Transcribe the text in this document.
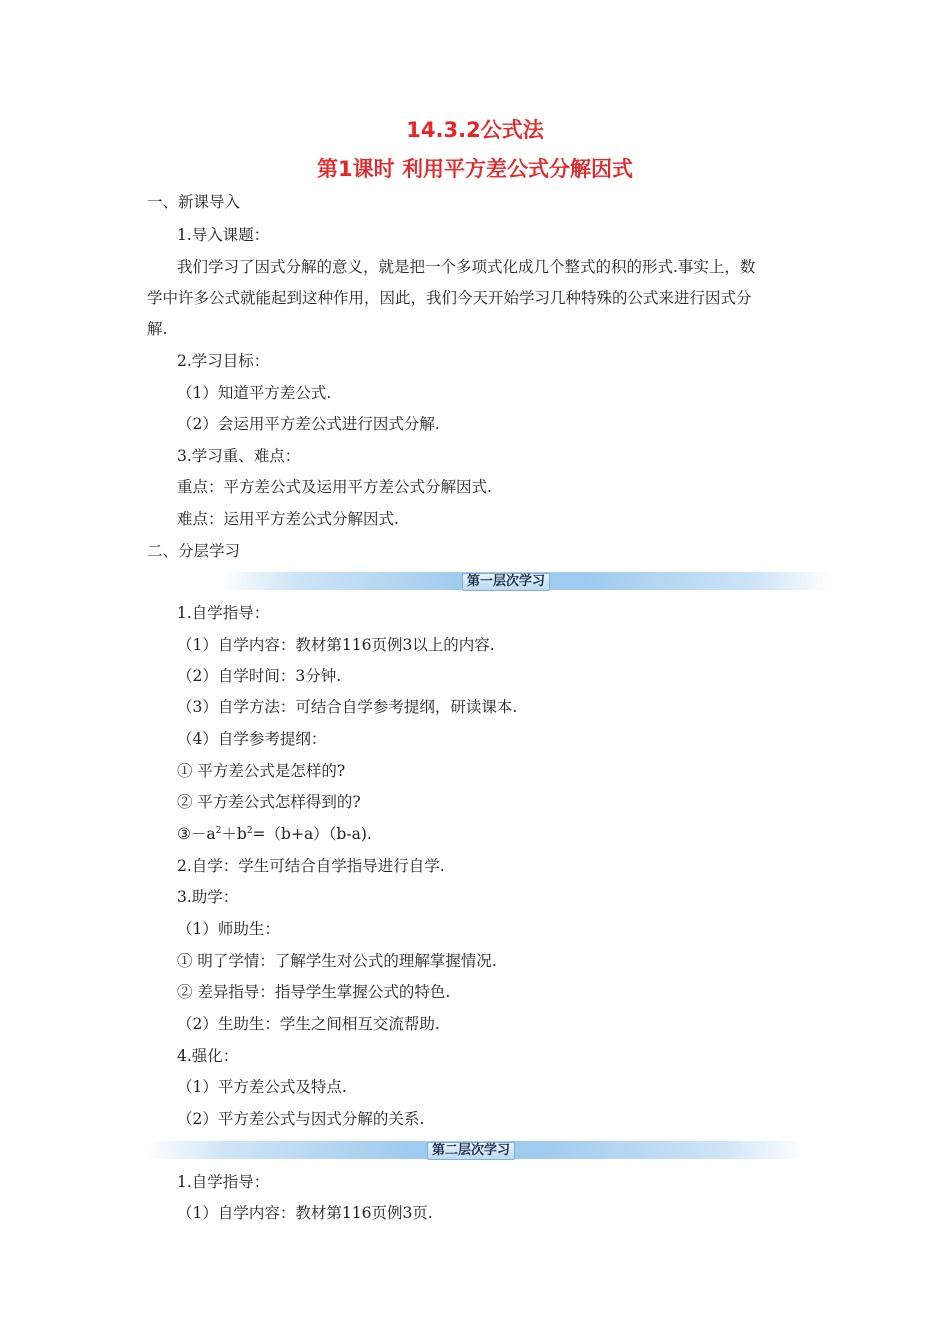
14.3.2公式法
第1课时 利用平方差公式分解因式
一、新课导入
1.导入课题：
我们学习了因式分解的意义，就是把一个多项式化成几个整式的积的形式.事实上，数
学中许多公式就能起到这种作用，因此，我们今天开始学习几种特殊的公式来进行因式分
解.
2.学习目标：
（1）知道平方差公式.
（2）会运用平方差公式进行因式分解.
3.学习重、难点：
重点：平方差公式及运用平方差公式分解因式.
难点：运用平方差公式分解因式.
二、分层学习
第一层次学习
1.自学指导：
（1）自学内容：教材第116页例3以上的内容.
（2）自学时间：3分钟.
（3）自学方法：可结合自学参考提纲，研读课本.
（4）自学参考提纲：
① 平方差公式是怎样的?
② 平方差公式怎样得到的?
$③-a^2+b^2=(b+a)(b-a)$.
2.自学：学生可结合自学指导进行自学.
3.助学：
（1）师助生：
① 明了学情：了解学生对公式的理解掌握情况.
② 差异指导：指导学生掌握公式的特色.
（2）生助生：学生之间相互交流帮助.
4.强化：
（1）平方差公式及特点.
（2）平方差公式与因式分解的关系.
第二层次学习
1.自学指导：
（1）自学内容：教材第116页例3页.
